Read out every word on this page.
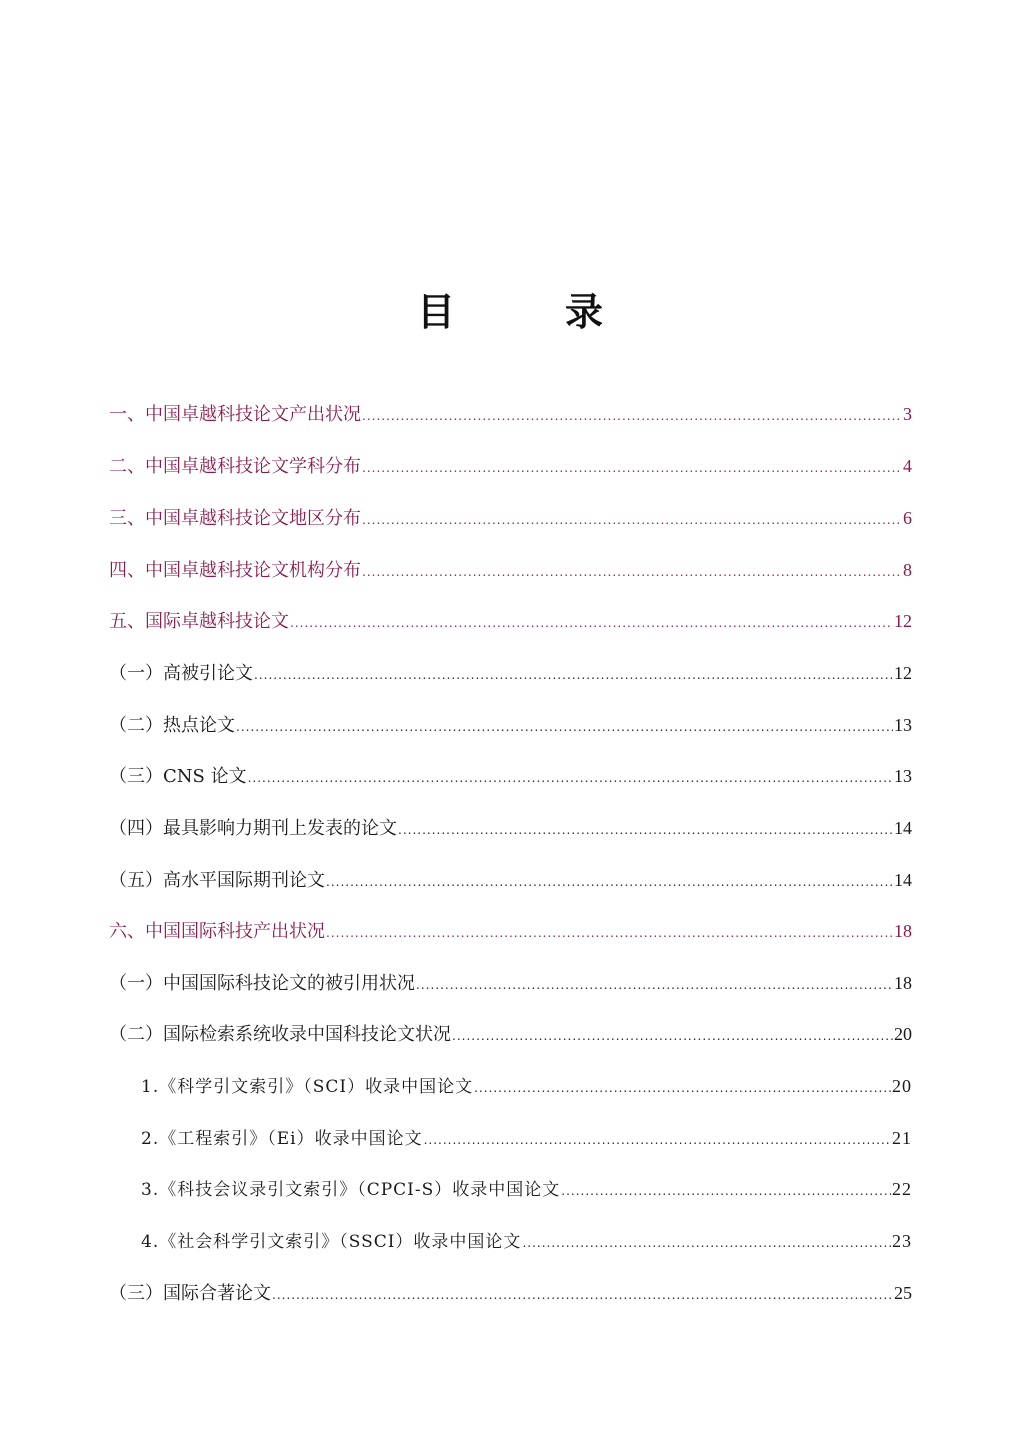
目　录
一、中国卓越科技论文产出状况 .....	3
二、中国卓越科技论文学科分布 .....	4
三、中国卓越科技论文地区分布 .....	6
四、中国卓越科技论文机构分布 .....	8
五、国际卓越科技论文 .....	12
（一）高被引论文 .....	12
（二）热点论文 .....	13
（三）CNS 论文 .....	13
（四）最具影响力期刊上发表的论文 .....	14
（五）高水平国际期刊论文 .....	14
六、中国国际科技产出状况 .....	18
（一）中国国际科技论文的被引用状况 .....	18
（二）国际检索系统收录中国科技论文状况 .....	20
1.《科学引文索引》（SCI）收录中国论文 .....	20
2.《工程索引》（Ei）收录中国论文 .....	21
3.《科技会议录引文索引》（CPCI-S）收录中国论文 .....	22
4.《社会科学引文索引》（SSCI）收录中国论文 .....	23
（三）国际合著论文 .....	25
